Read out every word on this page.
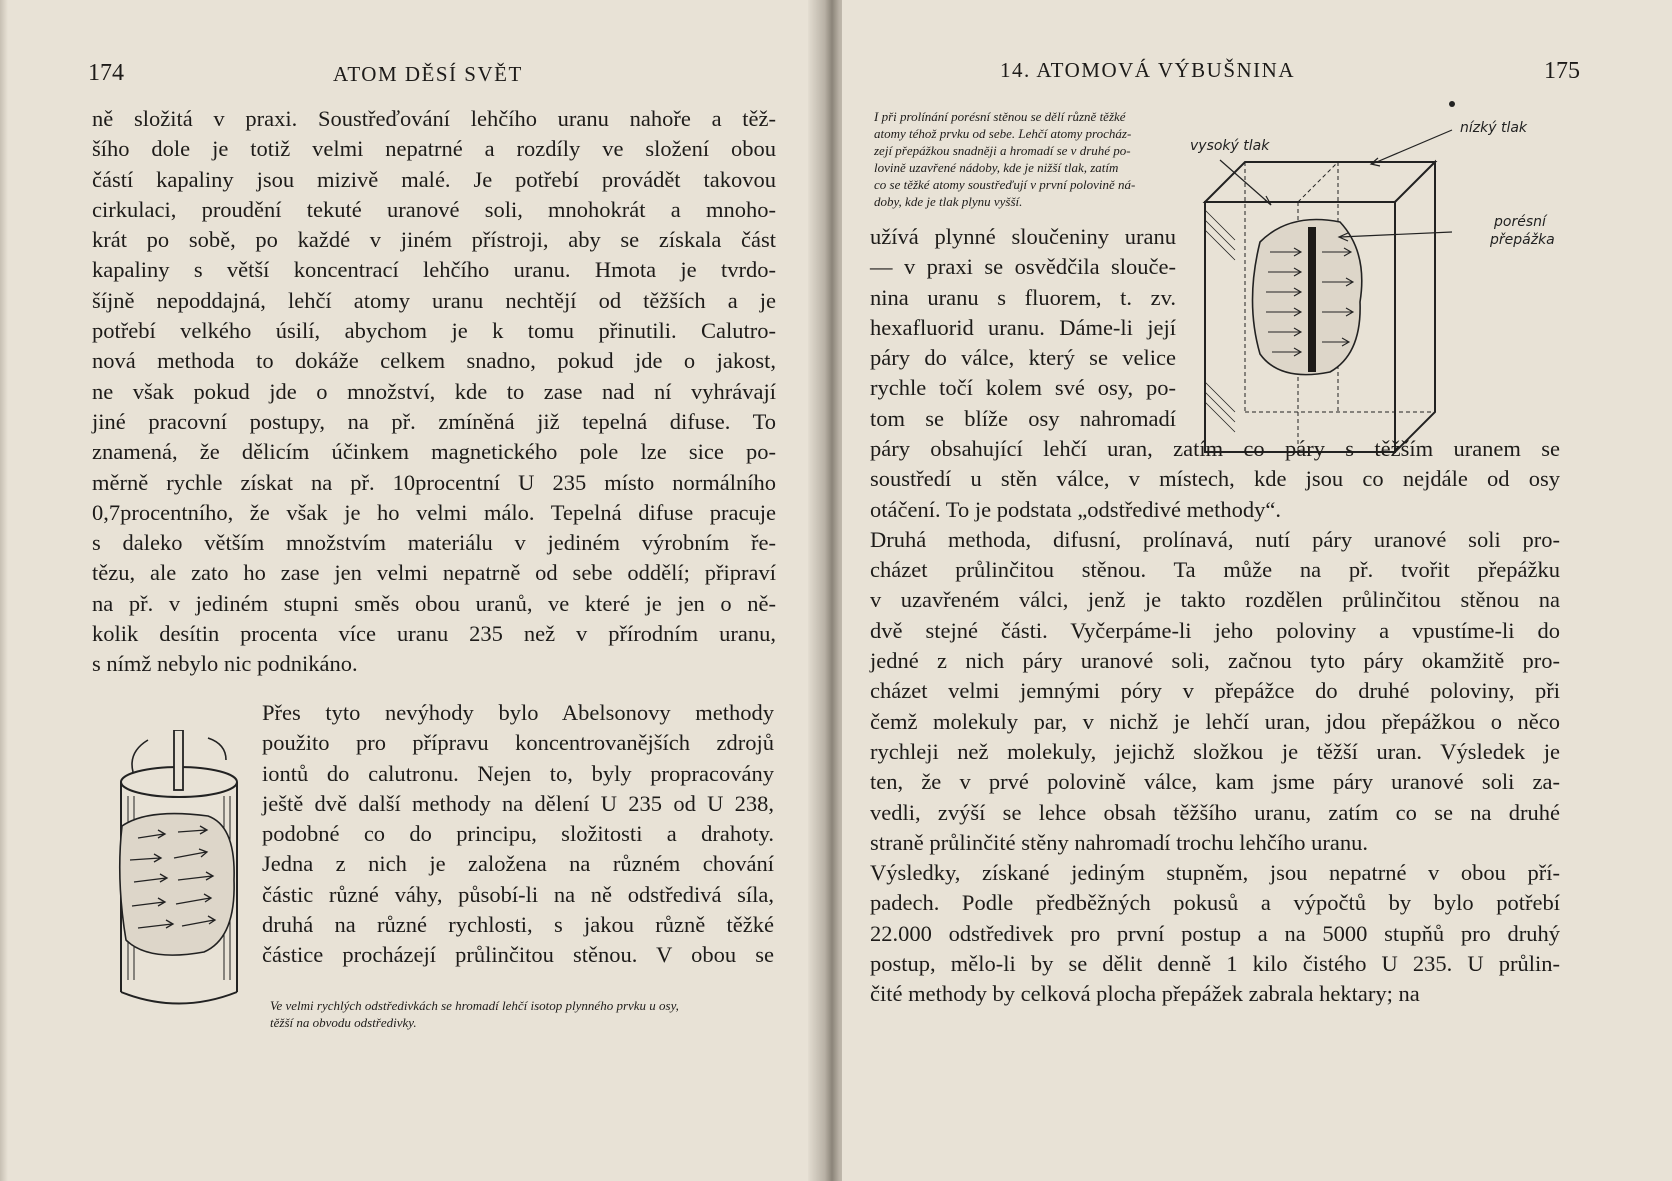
174	ATOM DĚSÍ SVĚT
ně složitá v praxi. Soustřeďování lehčího uranu nahoře a těž-
šího dole je totiž velmi nepatrné a rozdíly ve složení obou
částí kapaliny jsou mizivě malé. Je potřebí provádět takovou
cirkulaci, proudění tekuté uranové soli, mnohokrát a mnoho-
krát po sobě, po každé v jiném přístroji, aby se získala část
kapaliny s větší koncentrací lehčího uranu. Hmota je tvrdo-
šíjně nepoddajná, lehčí atomy uranu nechtějí od těžších a je
potřebí velkého úsilí, abychom je k tomu přinutili. Calutro-
nová methoda to dokáže celkem snadno, pokud jde o jakost,
ne však pokud jde o množství, kde to zase nad ní vyhrávají
jiné pracovní postupy, na př. zmíněná již tepelná difuse. To
znamená, že dělicím účinkem magnetického pole lze sice po-
měrně rychle získat na př. 10procentní U 235 místo normálního
0,7procentního, že však je ho velmi málo. Tepelná difuse pracuje
s daleko větším množstvím materiálu v jediném výrobním ře-
tězu, ale zato ho zase jen velmi nepatrně od sebe oddělí; připraví
na př. v jediném stupni směs obou uranů, ve které je jen o ně-
kolik desítin procenta více uranu 235 než v přírodním uranu,
s nímž nebylo nic podnikáno.
Přes tyto nevýhody bylo Abelsonovy methody
použito pro přípravu koncentrovanějších zdrojů
iontů do calutronu. Nejen to, byly propracovány
ještě dvě další methody na dělení U 235 od U 238,
podobné co do principu, složitosti a drahoty.
Jedna z nich je založena na různém chování
částic různé váhy, působí-li na ně odstředivá síla,
druhá na různé rychlosti, s jakou různě těžké
částice procházejí průlinčitou stěnou. V obou se
Ve velmi rychlých odstředivkách se hromadí lehčí isotop plynného prvku u osy,
těžší na obvodu odstředivky.
14. ATOMOVÁ VÝBUŠNINA	175
I při prolínání porésní stěnou se dělí různě těžké
atomy téhož prvku od sebe. Lehčí atomy procház-
zejí přepážkou snadněji a hromadí se v druhé po-
lovině uzavřené nádoby, kde je nižší tlak, zatím
co se těžké atomy soustřeďují v první polovině ná-
doby, kde je tlak plynu vyšší.
vysoký tlak
nízký tlak
porésní
přepážka
užívá plynné sloučeniny uranu
— v praxi se osvědčila slouče-
nina uranu s fluorem, t. zv.
hexafluorid uranu. Dáme-li její
páry do válce, který se velice
rychle točí kolem své osy, po-
tom se blíže osy nahromadí
páry obsahující lehčí uran, zatím co páry s těžším uranem se
soustředí u stěn válce, v místech, kde jsou co nejdále od osy
otáčení. To je podstata „odstředivé methody“.
Druhá methoda, difusní, prolínavá, nutí páry uranové soli pro-
cházet průlinčitou stěnou. Ta může na př. tvořit přepážku
v uzavřeném válci, jenž je takto rozdělen průlinčitou stěnou na
dvě stejné části. Vyčerpáme-li jeho poloviny a vpustíme-li do
jedné z nich páry uranové soli, začnou tyto páry okamžitě pro-
cházet velmi jemnými póry v přepážce do druhé poloviny, při
čemž molekuly par, v nichž je lehčí uran, jdou přepážkou o něco
rychleji než molekuly, jejichž složkou je těžší uran. Výsledek je
ten, že v prvé polovině válce, kam jsme páry uranové soli za-
vedli, zvýší se lehce obsah těžšího uranu, zatím co se na druhé
straně průlinčité stěny nahromadí trochu lehčího uranu.
Výsledky, získané jediným stupněm, jsou nepatrné v obou pří-
padech. Podle předběžných pokusů a výpočtů by bylo potřebí
22.000 odstředivek pro první postup a na 5000 stupňů pro druhý
postup, mělo-li by se dělit denně 1 kilo čistého U 235. U průlin-
čité methody by celková plocha přepážek zabrala hektary; na
